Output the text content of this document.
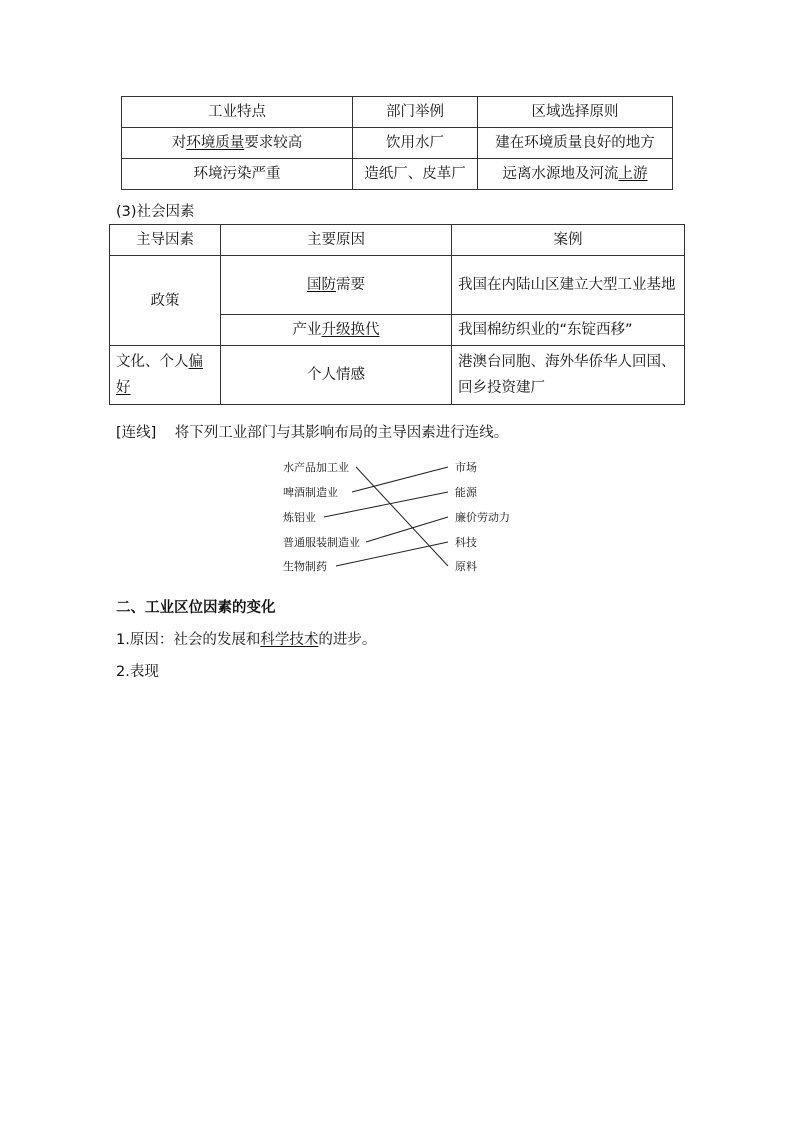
工业特点	部门举例	区域选择原则
对环境质量要求较高	饮用水厂	建在环境质量良好的地方
环境污染严重	造纸厂、皮革厂	远离水源地及河流上游
(3)社会因素
主导因素	主要原因	案例
政策	国防需要	我国在内陆山区建立大型工业基地
	产业升级换代	我国棉纺织业的“东锭西移”
文化、个人偏好	个人情感	港澳台同胞、海外华侨华人回国、回乡投资建厂
[连线] 将下列工业部门与其影响布局的主导因素进行连线。
水产品加工业
啤酒制造业
炼铝业
普通服装制造业
生物制药
市场
能源
廉价劳动力
科技
原料
二、工业区位因素的变化
1.原因：社会的发展和科学技术的进步。
2.表现
